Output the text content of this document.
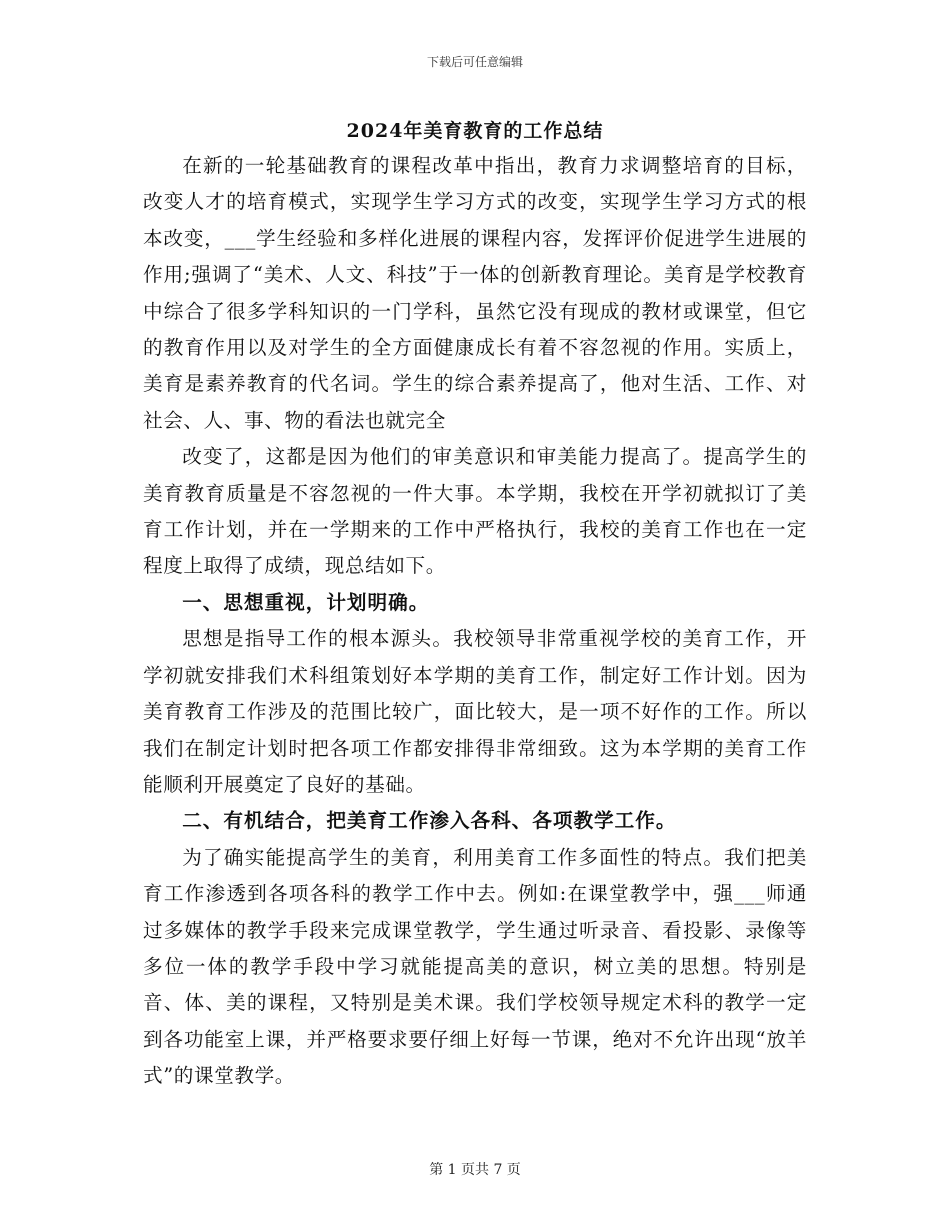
下载后可任意编辑
2024年美育教育的工作总结

在新的一轮基础教育的课程改革中指出，教育力求调整培育的目标，改变人才的培育模式，实现学生学习方式的改变，实现学生学习方式的根本改变，___学生经验和多样化进展的课程内容，发挥评价促进学生进展的作用;强调了“美术、人文、科技”于一体的创新教育理论。美育是学校教育中综合了很多学科知识的一门学科，虽然它没有现成的教材或课堂，但它的教育作用以及对学生的全方面健康成长有着不容忽视的作用。实质上，美育是素养教育的代名词。学生的综合素养提高了，他对生活、工作、对社会、人、事、物的看法也就完全

改变了，这都是因为他们的审美意识和审美能力提高了。提高学生的美育教育质量是不容忽视的一件大事。本学期，我校在开学初就拟订了美育工作计划，并在一学期来的工作中严格执行，我校的美育工作也在一定程度上取得了成绩，现总结如下。

一、思想重视，计划明确。

思想是指导工作的根本源头。我校领导非常重视学校的美育工作，开学初就安排我们术科组策划好本学期的美育工作，制定好工作计划。因为美育教育工作涉及的范围比较广，面比较大，是一项不好作的工作。所以我们在制定计划时把各项工作都安排得非常细致。这为本学期的美育工作能顺利开展奠定了良好的基础。

二、有机结合，把美育工作渗入各科、各项教学工作。

为了确实能提高学生的美育，利用美育工作多面性的特点。我们把美育工作渗透到各项各科的教学工作中去。例如:在课堂教学中，强___师通过多媒体的教学手段来完成课堂教学，学生通过听录音、看投影、录像等多位一体的教学手段中学习就能提高美的意识，树立美的思想。特别是音、体、美的课程，又特别是美术课。我们学校领导规定术科的教学一定到各功能室上课，并严格要求要仔细上好每一节课，绝对不允许出现“放羊式”的课堂教学。

第 1 页共 7 页
